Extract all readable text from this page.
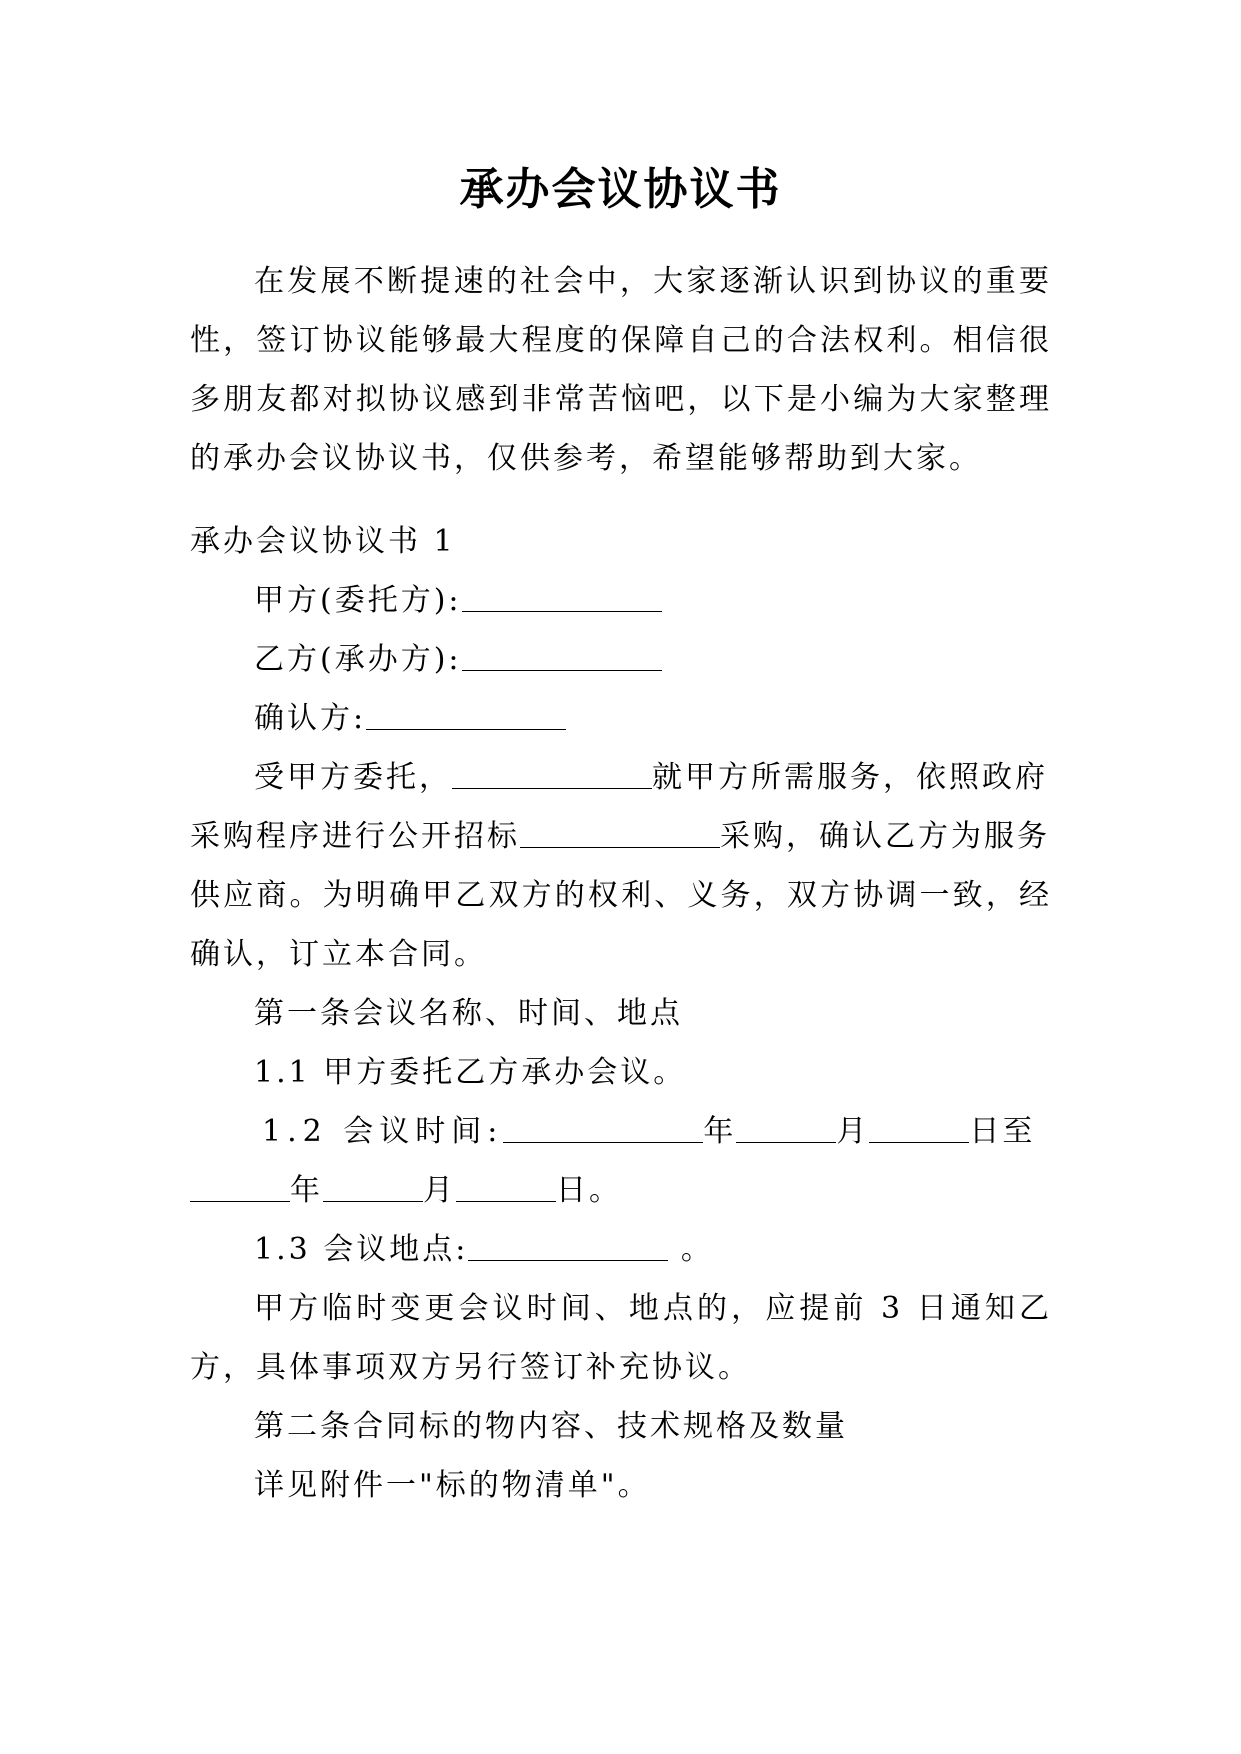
承办会议协议书

在发展不断提速的社会中，大家逐渐认识到协议的重要性，签订协议能够最大程度的保障自己的合法权利。相信很多朋友都对拟协议感到非常苦恼吧，以下是小编为大家整理的承办会议协议书，仅供参考，希望能够帮助到大家。

承办会议协议书 1
甲方(委托方):
乙方(承办方):
确认方:
受甲方委托，	就甲方所需服务，依照政府
采购程序进行公开招标	采购，确认乙方为服务

供应商。为明确甲乙双方的权利、义务，双方协调一致，经确认，订立本合同。

第一条会议名称、时间、地点
1.1 甲方委托乙方承办会议。
1.2 会议时间:	年	月	日至
年	月	日。
1.3 会议地点:	。

甲方临时变更会议时间、地点的，应提前 3 日通知乙方，具体事项双方另行签订补充协议。

第二条合同标的物内容、技术规格及数量
详见附件一"标的物清单"。
